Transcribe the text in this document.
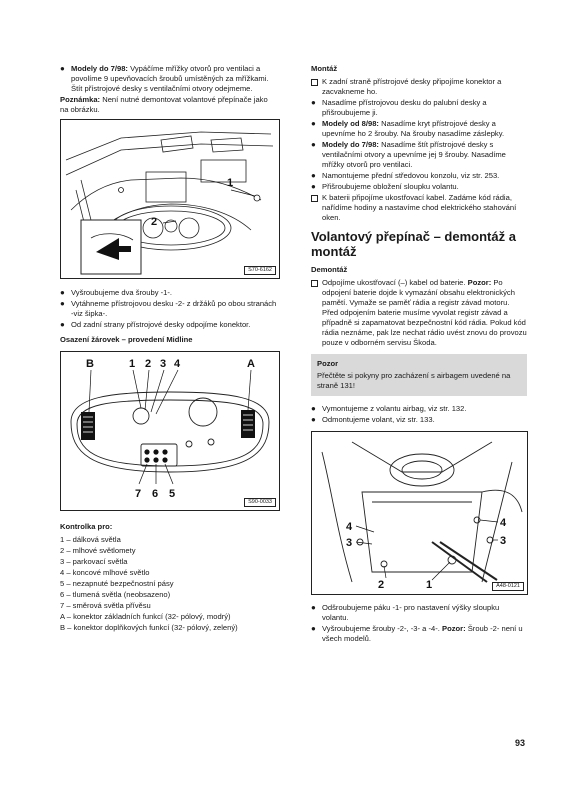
● Modely do 7/98: Vypáčíme mřížky otvorů pro ventilaci a povolíme 9 upevňovacích šroubů umístěných za mřížkami. Štít přístrojové desky s ventilačními otvory odejmeme.

Poznámka: Není nutné demontovat volantové přepínače jako na obrázku.

1
2
S70-6162

● Vyšroubujeme dva šrouby -1-.

● Vytáhneme přístrojovou desku -2- z držáků po obou stranách -viz šipka-.

● Od zadní strany přístrojové desky odpojíme konektor.

Osazení žárovek – provedení Midline

B	1 2 3 4	A
7 6 5
S90-0033

Kontrolka pro:

1 – dálková světla

2 – mlhové světlomety

3 – parkovací světla

4 – koncové mlhové světlo

5 – nezapnuté bezpečnostní pásy

6 – tlumená světla (neobsazeno)

7 – směrová světla přívěsu

A – konektor základních funkcí (32- pólový, modrý)

B – konektor doplňkových funkcí (32- pólový, zelený)

Montáž

K zadní straně přístrojové desky připojíme konektor a zacvakneme ho.

● Nasadíme přístrojovou desku do palubní desky a přišroubujeme ji.

● Modely od 8/98: Nasadíme kryt přístrojové desky a upevníme ho 2 šrouby. Na šrouby nasadíme záslepky.

● Modely do 7/98: Nasadíme štít přístrojové desky s ventilačními otvory a upevníme jej 9 šrouby. Nasadíme mřížky otvorů pro ventilaci.

● Namontujeme přední středovou konzolu, viz str. 253.

● Přišroubujeme obložení sloupku volantu.

K baterii připojíme ukostřovací kabel. Zadáme kód rádia, nařídíme hodiny a nastavíme chod elektrického stahování oken.

Volantový přepínač – demontáž a montáž

Demontáž

Odpojíme ukostřovací (–) kabel od baterie. Pozor: Po odpojení baterie dojde k vymazání obsahu elektronických pamětí. Vymaže se paměť rádia a registr závad motoru. Před odpojením baterie musíme vyvolat registr závad a případně si zapamatovat bezpečnostní kód rádia. Pokud kód rádia neznáme, pak lze nechat rádio uvést znovu do provozu pouze v odborném servisu Škoda.

Pozor

Přečtěte si pokyny pro zacházení s airbagem uvedené na straně 131!

● Vymontujeme z volantu airbag, viz str. 132.

● Odmontujeme volant, viz str. 133.

4
3
2	1
4
3
A48-0121

● Odšroubujeme páku -1- pro nastavení výšky sloupku volantu.

● Vyšroubujeme šrouby -2-, -3- a -4-. Pozor: Šroub -2- není u všech modelů.

93
